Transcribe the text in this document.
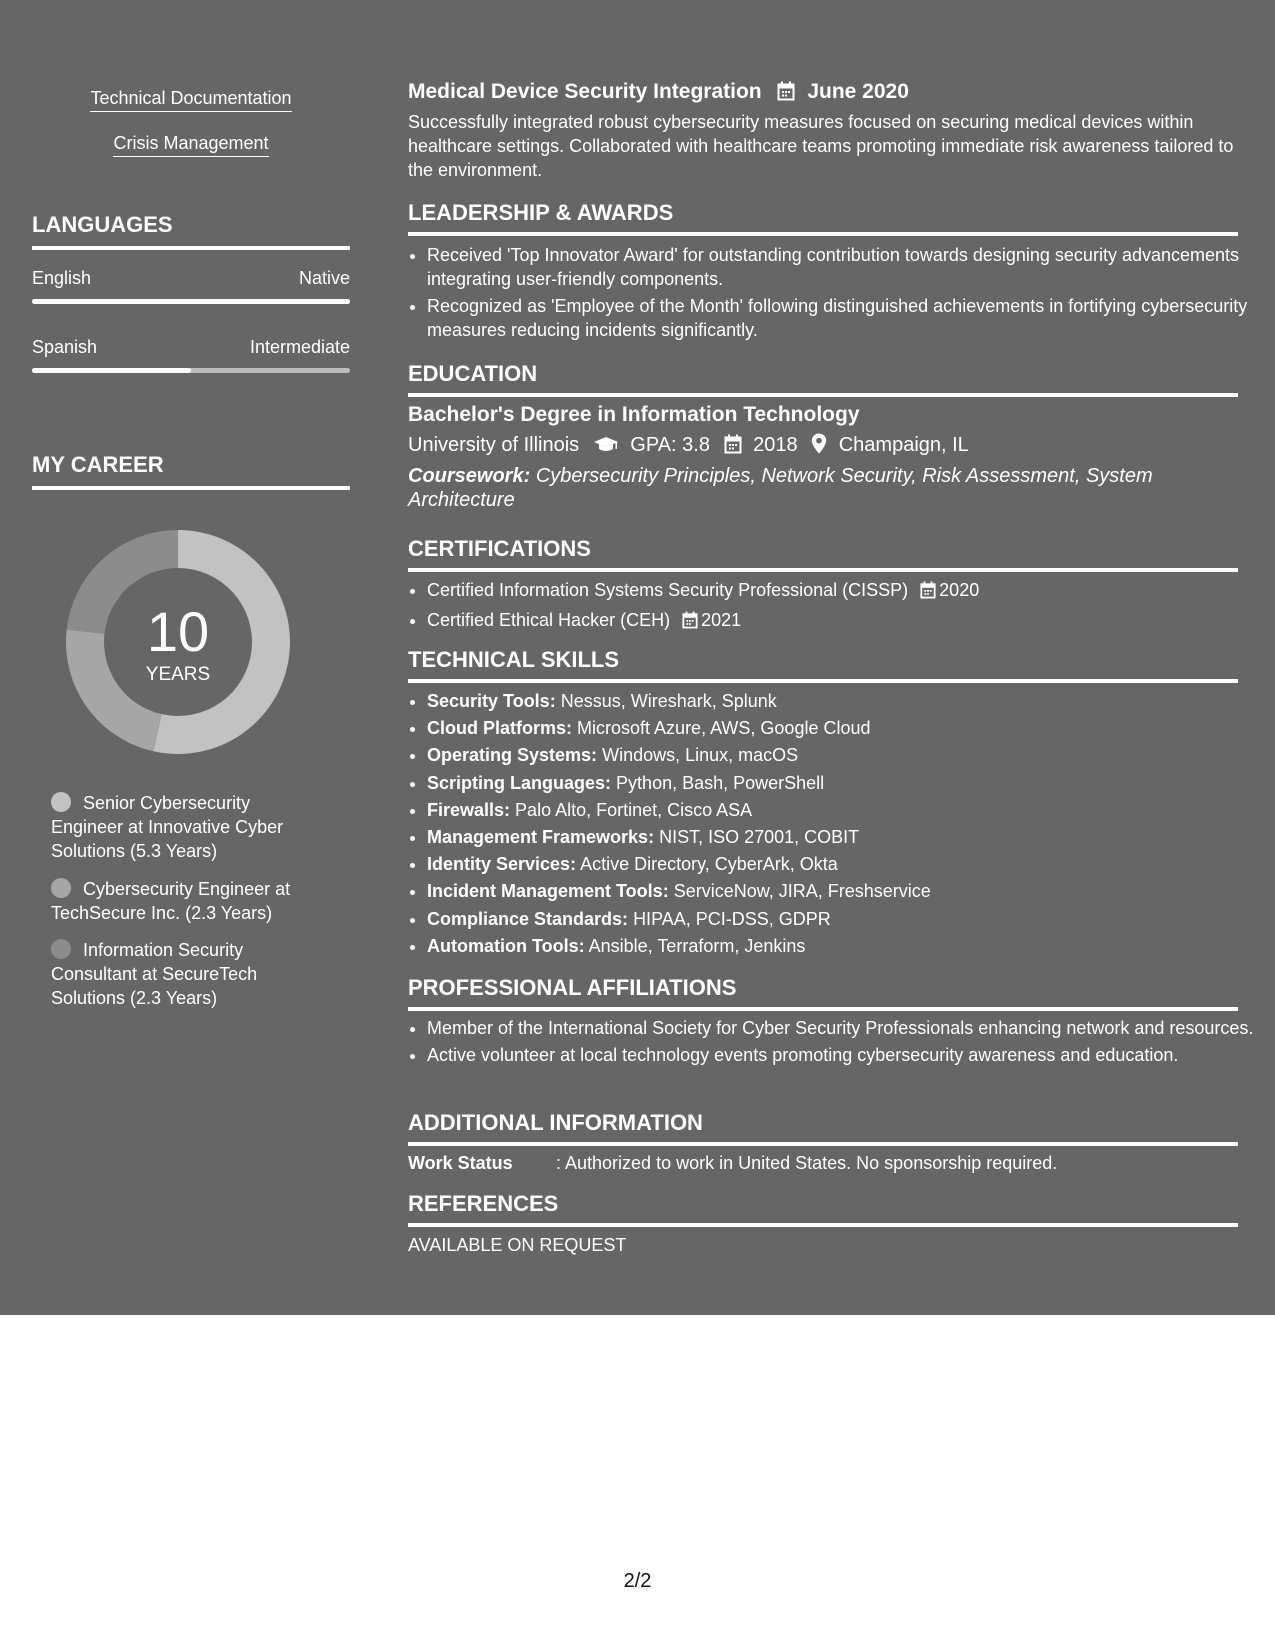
Technical Documentation
Crisis Management
LANGUAGES
English	Native
Spanish	Intermediate
MY CAREER
10
YEARS
Senior Cybersecurity Engineer at Innovative Cyber Solutions (5.3 Years)
Cybersecurity Engineer at TechSecure Inc. (2.3 Years)
Information Security Consultant at SecureTech Solutions (2.3 Years)
Medical Device Security Integration June 2020
Successfully integrated robust cybersecurity measures focused on securing medical devices within healthcare settings. Collaborated with healthcare teams promoting immediate risk awareness tailored to the environment.
LEADERSHIP & AWARDS
• Received 'Top Innovator Award' for outstanding contribution towards designing security advancements integrating user-friendly components.
• Recognized as 'Employee of the Month' following distinguished achievements in fortifying cybersecurity measures reducing incidents significantly.
EDUCATION
Bachelor's Degree in Information Technology
University of Illinois	GPA: 3.8 2018 Champaign, IL
Coursework: Cybersecurity Principles, Network Security, Risk Assessment, System Architecture
CERTIFICATIONS
• Certified Information Systems Security Professional (CISSP) 2020
• Certified Ethical Hacker (CEH) 2021
TECHNICAL SKILLS
• Security Tools: Nessus, Wireshark, Splunk
• Cloud Platforms: Microsoft Azure, AWS, Google Cloud
• Operating Systems: Windows, Linux, macOS
• Scripting Languages: Python, Bash, PowerShell
• Firewalls: Palo Alto, Fortinet, Cisco ASA
• Management Frameworks: NIST, ISO 27001, COBIT
• Identity Services: Active Directory, CyberArk, Okta
• Incident Management Tools: ServiceNow, JIRA, Freshservice
• Compliance Standards: HIPAA, PCI-DSS, GDPR
• Automation Tools: Ansible, Terraform, Jenkins
PROFESSIONAL AFFILIATIONS
• Member of the International Society for Cyber Security Professionals enhancing network and resources.
• Active volunteer at local technology events promoting cybersecurity awareness and education.
ADDITIONAL INFORMATION
Work Status : Authorized to work in United States. No sponsorship required.
REFERENCES
AVAILABLE ON REQUEST
2/2
